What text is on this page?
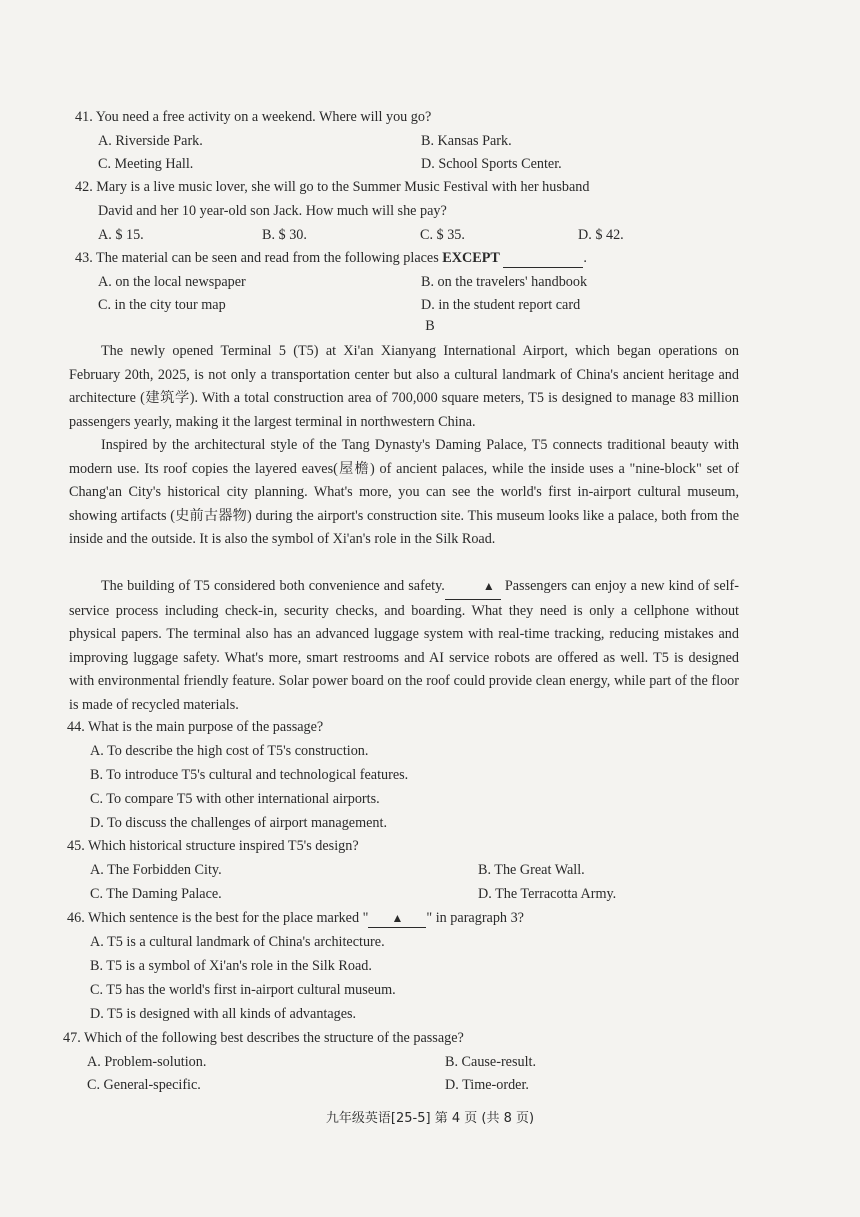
41. You need a free activity on a weekend. Where will you go?
A. Riverside Park.	B. Kansas Park.
C. Meeting Hall.	D. School Sports Center.
42. Mary is a live music lover, she will go to the Summer Music Festival with her husband
David and her 10 year-old son Jack. How much will she pay?
A. $ 15.	B. $ 30.	C. $ 35.	D. $ 42.
43. The material can be seen and read from the following places EXCEPT	.
A. on the local newspaper	B. on the travelers' handbook
C. in the city tour map	D. in the student report card
B
The newly opened Terminal 5 (T5) at Xi'an Xianyang International Airport, which began operations on February 20th, 2025, is not only a transportation center but also a cultural landmark of China's ancient heritage and architecture (建筑学). With a total construction area of 700,000 square meters, T5 is designed to manage 83 million passengers yearly, making it the largest terminal in northwestern China.
Inspired by the architectural style of the Tang Dynasty's Daming Palace, T5 connects traditional beauty with modern use. Its roof copies the layered eaves(屋檐) of ancient palaces, while the inside uses a "nine-block" set of Chang'an City's historical city planning. What's more, you can see the world's first in-airport cultural museum, showing artifacts (史前古器物) during the airport's construction site. This museum looks like a palace, both from the inside and the outside. It is also the symbol of Xi'an's role in the Silk Road.
The building of T5 considered both convenience and safety.	▲ Passengers can enjoy a new kind of self-service process including check-in, security checks, and boarding. What they need is only a cellphone without physical papers. The terminal also has an advanced luggage system with real-time tracking, reducing mistakes and improving luggage safety. What's more, smart restrooms and AI service robots are offered as well. T5 is designed with environmental friendly feature. Solar power board on the roof could provide clean energy, while part of the floor is made of recycled materials.
44. What is the main purpose of the passage?
A. To describe the high cost of T5's construction.
B. To introduce T5's cultural and technological features.
C. To compare T5 with other international airports.
D. To discuss the challenges of airport management.
45. Which historical structure inspired T5's design?
A. The Forbidden City.	B. The Great Wall.
C. The Daming Palace.	D. The Terracotta Army.
46. Which sentence is the best for the place marked " ▲ " in paragraph 3?
A. T5 is a cultural landmark of China's architecture.
B. T5 is a symbol of Xi'an's role in the Silk Road.
C. T5 has the world's first in-airport cultural museum.
D. T5 is designed with all kinds of advantages.
47. Which of the following best describes the structure of the passage?
A. Problem-solution.	B. Cause-result.
C. General-specific.	D. Time-order.
九年级英语[25-5] 第 4 页 (共 8 页)
